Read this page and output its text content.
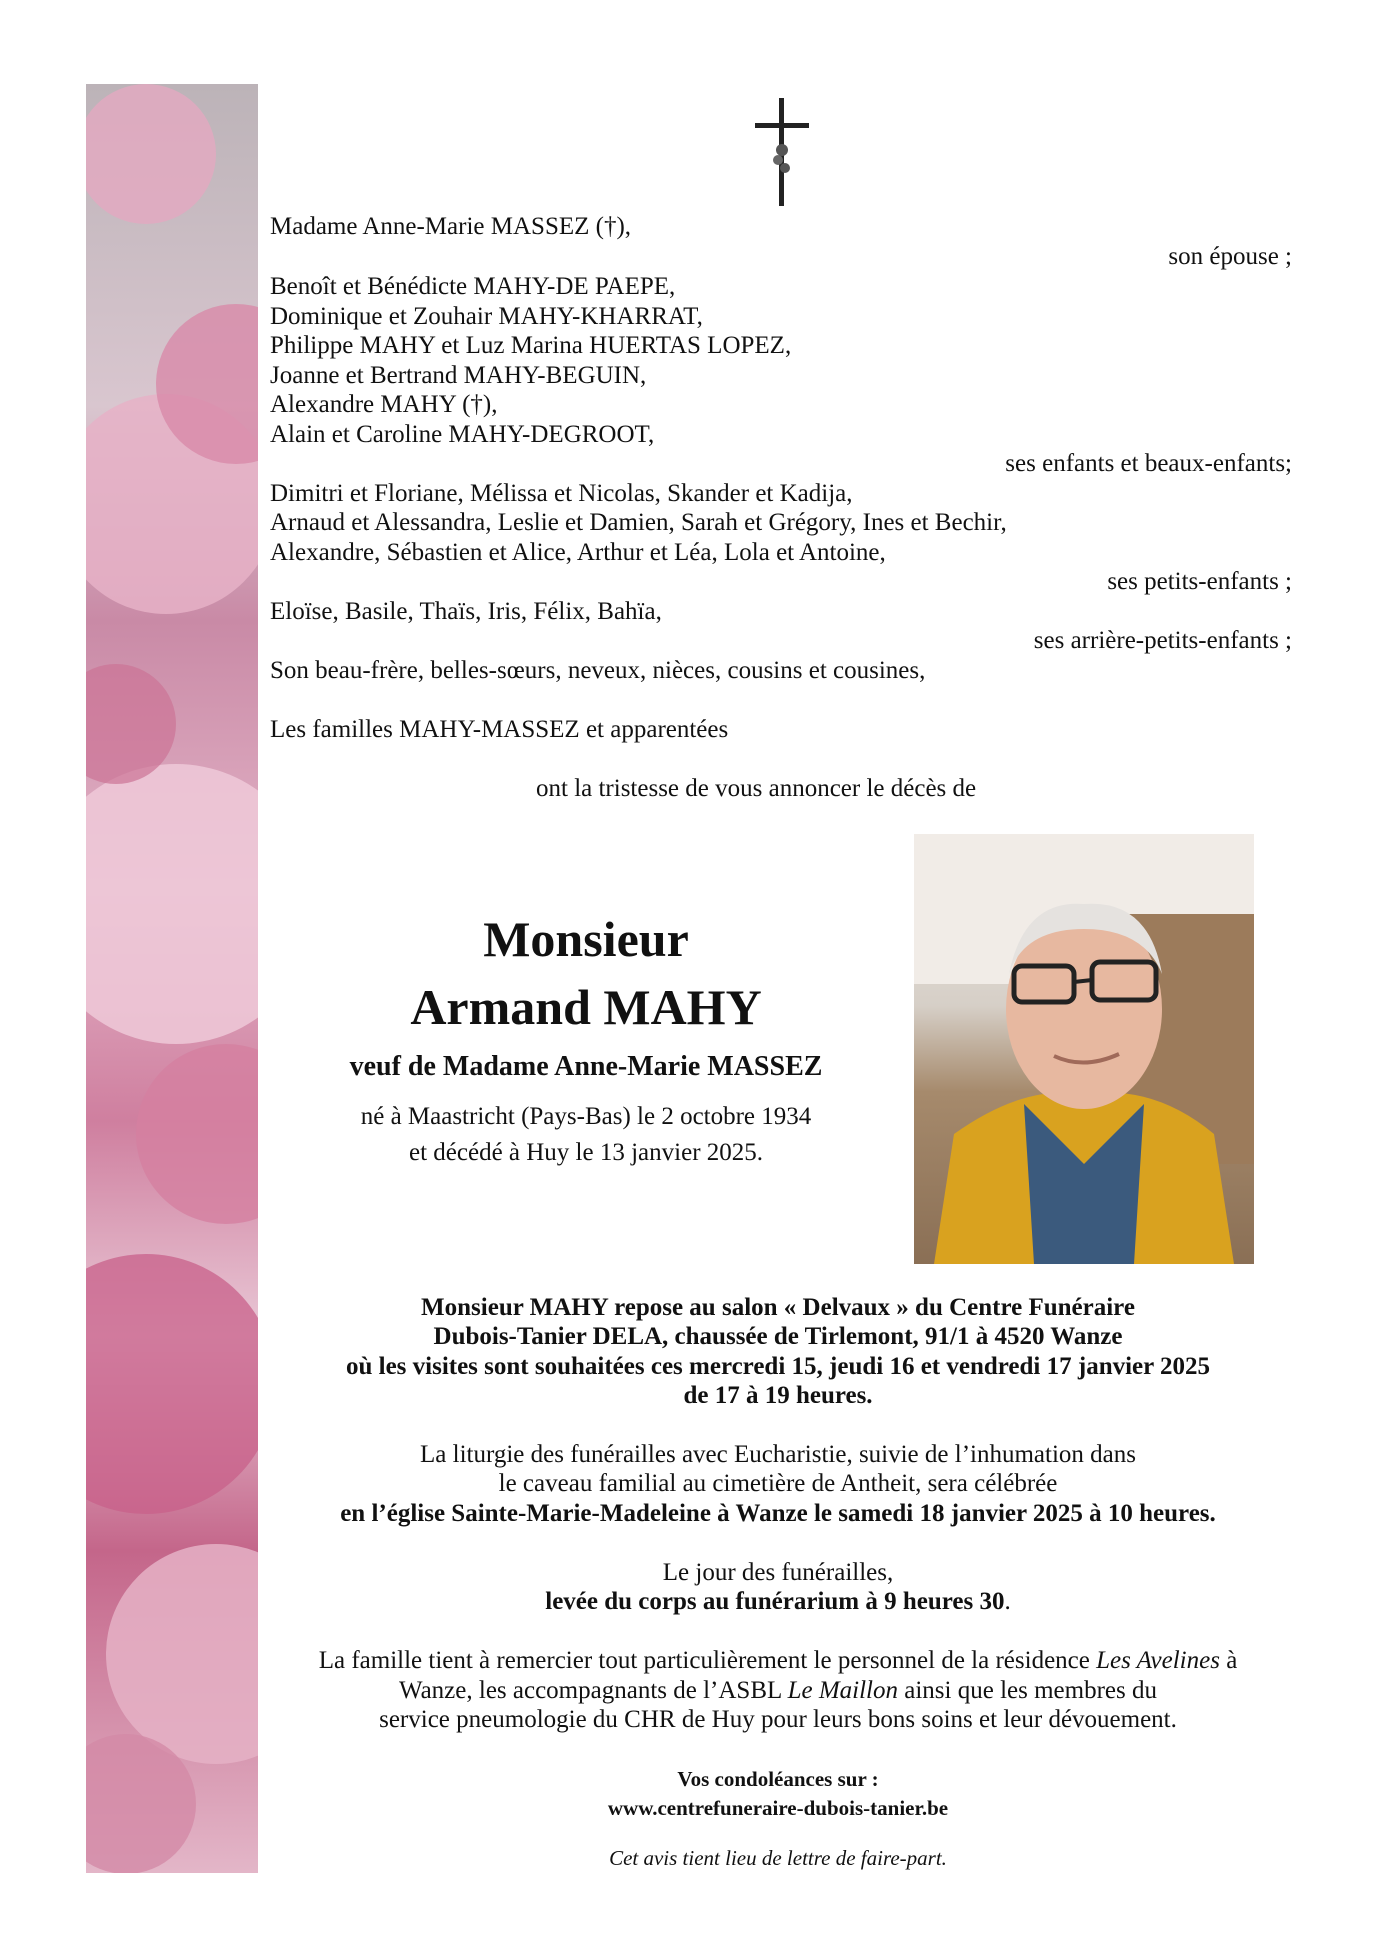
Madame Anne-Marie MASSEZ (†),
son épouse ;
Benoît et Bénédicte MAHY-DE PAEPE,
Dominique et Zouhair MAHY-KHARRAT,
Philippe MAHY et Luz Marina HUERTAS LOPEZ,
Joanne et Bertrand MAHY-BEGUIN,
Alexandre MAHY (†),
Alain et Caroline MAHY-DEGROOT,
ses enfants et beaux-enfants;
Dimitri et Floriane, Mélissa et Nicolas, Skander et Kadija,
Arnaud et Alessandra, Leslie et Damien, Sarah et Grégory, Ines et Bechir,
Alexandre, Sébastien et Alice, Arthur et Léa, Lola et Antoine,
ses petits-enfants ;
Eloïse, Basile, Thaïs, Iris, Félix, Bahïa,
ses arrière-petits-enfants ;
Son beau-frère, belles-sœurs, neveux, nièces, cousins et cousines,
Les familles MAHY-MASSEZ et apparentées
ont la tristesse de vous annoncer le décès de
Monsieur
Armand MAHY
veuf de Madame Anne-Marie MASSEZ
né à Maastricht (Pays-Bas) le 2 octobre 1934
et décédé à Huy le 13 janvier 2025.
Monsieur MAHY repose au salon « Delvaux » du Centre Funéraire
Dubois-Tanier DELA, chaussée de Tirlemont, 91/1 à 4520 Wanze
où les visites sont souhaitées ces mercredi 15, jeudi 16 et vendredi 17 janvier 2025
de 17 à 19 heures.
La liturgie des funérailles avec Eucharistie, suivie de l’inhumation dans
le caveau familial au cimetière de Antheit, sera célébrée
en l’église Sainte-Marie-Madeleine à Wanze le samedi 18 janvier 2025 à 10 heures.
Le jour des funérailles,
levée du corps au funérarium à 9 heures 30.
La famille tient à remercier tout particulièrement le personnel de la résidence Les Avelines à
Wanze, les accompagnants de l’ASBL Le Maillon ainsi que les membres du
service pneumologie du CHR de Huy pour leurs bons soins et leur dévouement.
Vos condoléances sur :
www.centrefuneraire-dubois-tanier.be
Cet avis tient lieu de lettre de faire-part.
